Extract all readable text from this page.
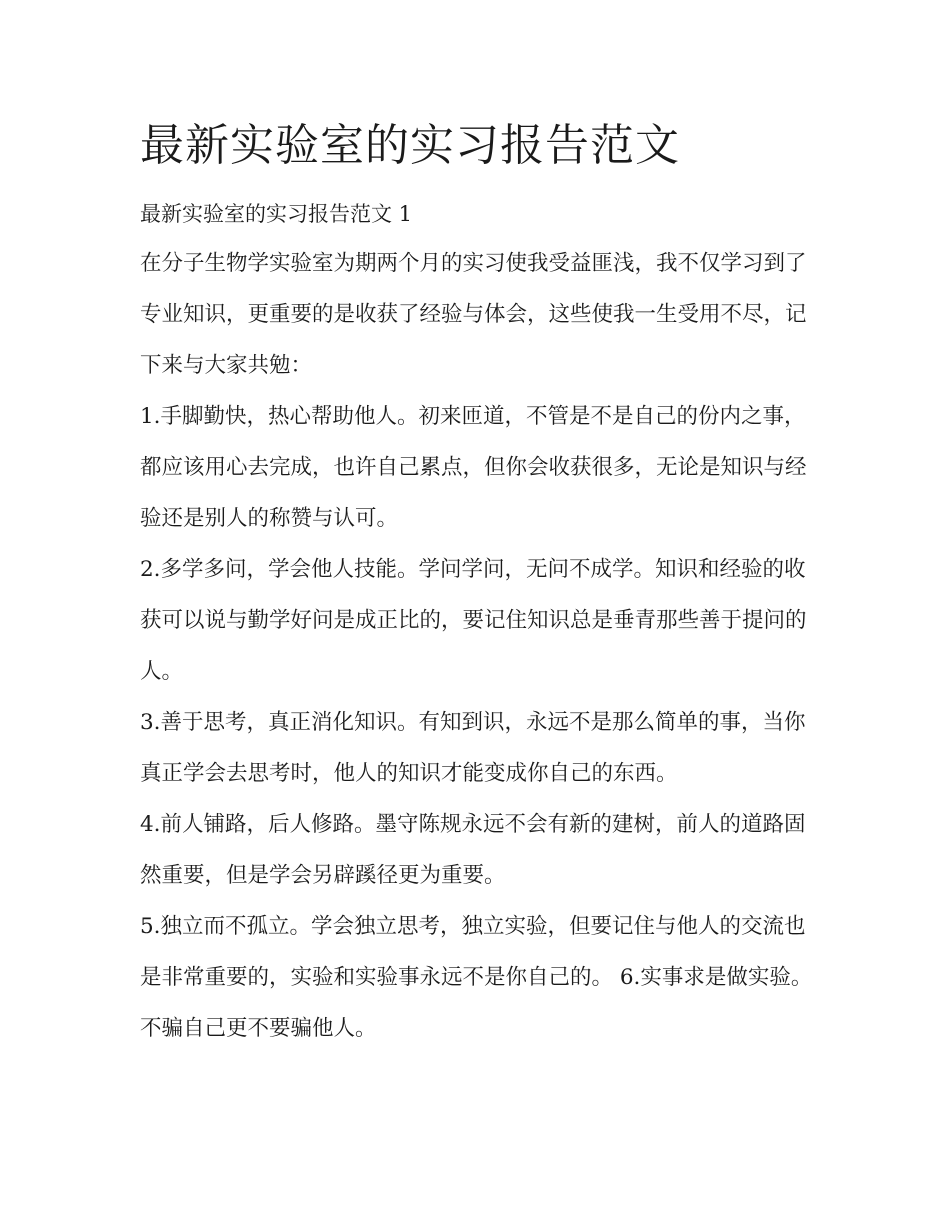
最新实验室的实习报告范文

最新实验室的实习报告范文 1

在分子生物学实验室为期两个月的实习使我受益匪浅，我不仅学习到了专业知识，更重要的是收获了经验与体会，这些使我一生受用不尽，记下来与大家共勉：

1.手脚勤快，热心帮助他人。初来匝道，不管是不是自己的份内之事，都应该用心去完成，也许自己累点，但你会收获很多，无论是知识与经验还是别人的称赞与认可。

2.多学多问，学会他人技能。学问学问，无问不成学。知识和经验的收获可以说与勤学好问是成正比的，要记住知识总是垂青那些善于提问的人。

3.善于思考，真正消化知识。有知到识，永远不是那么简单的事，当你真正学会去思考时，他人的知识才能变成你自己的东西。

4.前人铺路，后人修路。墨守陈规永远不会有新的建树，前人的道路固然重要，但是学会另辟蹊径更为重要。

5.独立而不孤立。学会独立思考，独立实验，但要记住与他人的交流也是非常重要的，实验和实验事永远不是你自己的。 6.实事求是做实验。不骗自己更不要骗他人。
